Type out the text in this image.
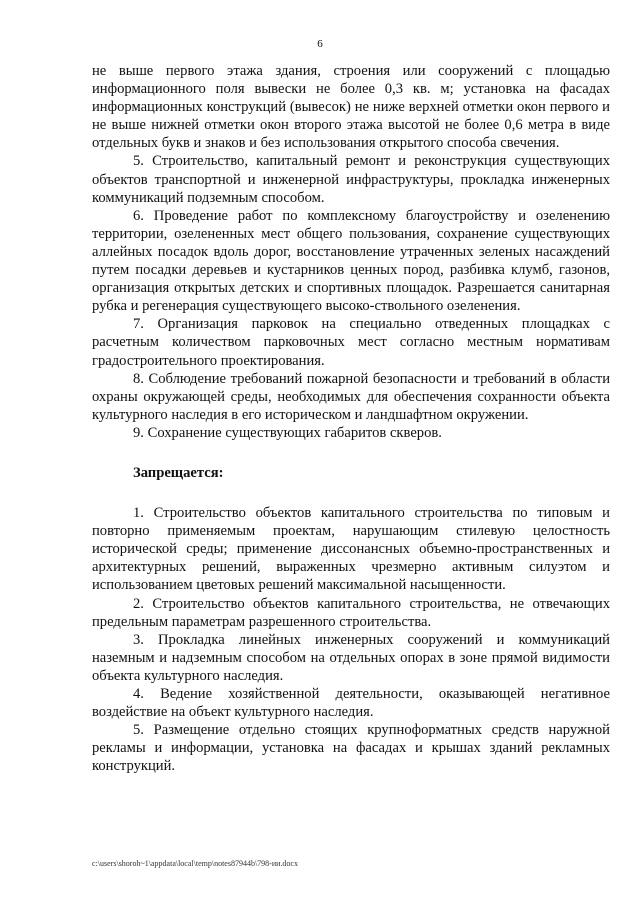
6

не выше первого этажа здания, строения или сооружений с площадью информационного поля вывески не более 0,3 кв. м; установка на фасадах информационных конструкций (вывесок) не ниже верхней отметки окон первого и не выше нижней отметки окон второго этажа высотой не более 0,6 метра в виде отдельных букв и знаков и без использования открытого способа свечения.

5. Строительство, капитальный ремонт и реконструкция существующих объектов транспортной и инженерной инфраструктуры, прокладка инженерных коммуникаций подземным способом.

6. Проведение работ по комплексному благоустройству и озеленению территории, озелененных мест общего пользования, сохранение существующих аллейных посадок вдоль дорог, восстановление утраченных зеленых насаждений путем посадки деревьев и кустарников ценных пород, разбивка клумб, газонов, организация открытых детских и спортивных площадок. Разрешается санитарная рубка и регенерация существующего высоко-ствольного озеленения.

7. Организация парковок на специально отведенных площадках с расчетным количеством парковочных мест согласно местным нормативам градостроительного проектирования.

8. Соблюдение требований пожарной безопасности и требований в области охраны окружающей среды, необходимых для обеспечения сохранности объекта культурного наследия в его историческом и ландшафтном окружении.

9. Сохранение существующих габаритов скверов.

Запрещается:

1. Строительство объектов капитального строительства по типовым и повторно применяемым проектам, нарушающим стилевую целостность исторической среды; применение диссонансных объемно-пространственных и архитектурных решений, выраженных чрезмерно активным силуэтом и использованием цветовых решений максимальной насыщенности.

2. Строительство объектов капитального строительства, не отвечающих предельным параметрам разрешенного строительства.

3. Прокладка линейных инженерных сооружений и коммуникаций наземным и надземным способом на отдельных опорах в зоне прямой видимости объекта культурного наследия.

4. Ведение хозяйственной деятельности, оказывающей негативное воздействие на объект культурного наследия.

5. Размещение отдельно стоящих крупноформатных средств наружной рекламы и информации, установка на фасадах и крышах зданий рекламных конструкций.

c:\users\shoroh~1\appdata\local\temp\notes87944b\798-ии.docx
